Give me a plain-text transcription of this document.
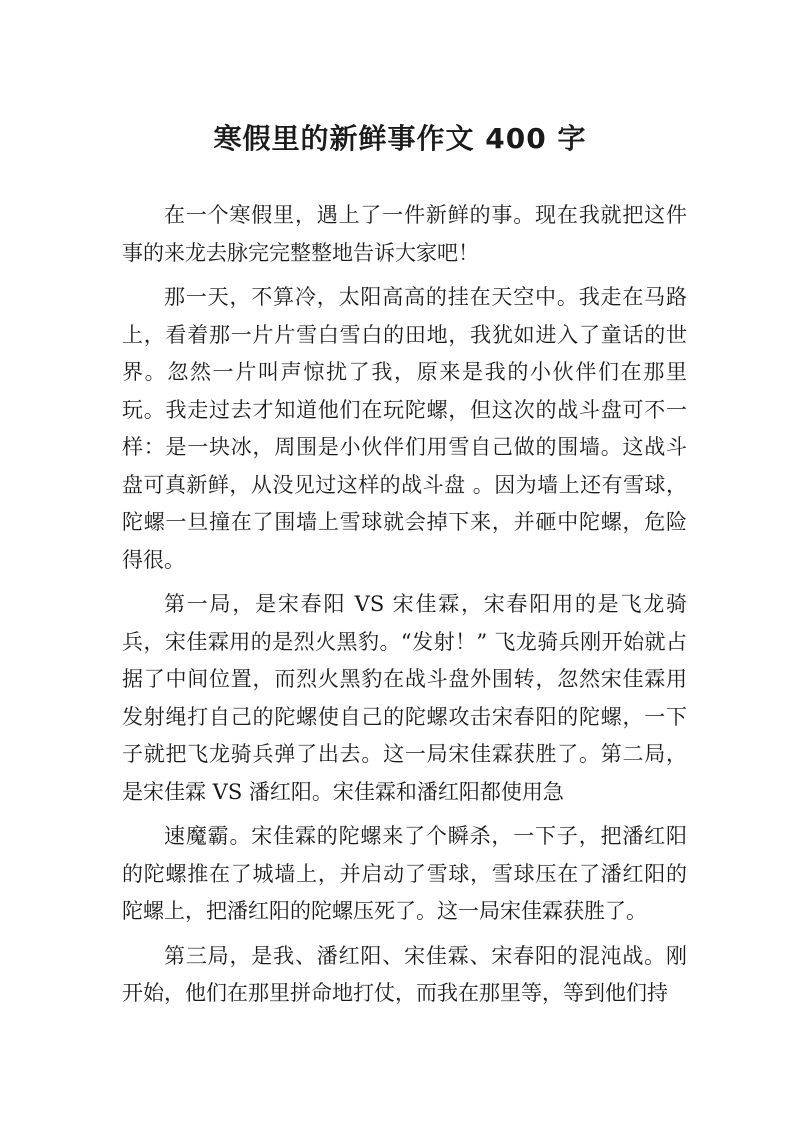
寒假里的新鲜事作文 400 字

在一个寒假里，遇上了一件新鲜的事。现在我就把这件事的来龙去脉完完整整地告诉大家吧！

那一天，不算冷，太阳高高的挂在天空中。我走在马路上，看着那一片片雪白雪白的田地，我犹如进入了童话的世界。忽然一片叫声惊扰了我，原来是我的小伙伴们在那里玩。我走过去才知道他们在玩陀螺，但这次的战斗盘可不一样：是一块冰，周围是小伙伴们用雪自己做的围墙。这战斗盘可真新鲜，从没见过这样的战斗盘 。因为墙上还有雪球，陀螺一旦撞在了围墙上雪球就会掉下来，并砸中陀螺，危险得很。

第一局，是宋春阳 VS 宋佳霖，宋春阳用的是飞龙骑兵，宋佳霖用的是烈火黑豹。“发射！” 飞龙骑兵刚开始就占据了中间位置，而烈火黑豹在战斗盘外围转，忽然宋佳霖用发射绳打自己的陀螺使自己的陀螺攻击宋春阳的陀螺，一下子就把飞龙骑兵弹了出去。这一局宋佳霖获胜了。第二局，是宋佳霖 VS 潘红阳。宋佳霖和潘红阳都使用急

速魔霸。宋佳霖的陀螺来了个瞬杀，一下子，把潘红阳的陀螺推在了城墙上，并启动了雪球，雪球压在了潘红阳的陀螺上，把潘红阳的陀螺压死了。这一局宋佳霖获胜了。

第三局，是我、潘红阳、宋佳霖、宋春阳的混沌战。刚开始，他们在那里拼命地打仗，而我在那里等，等到他们持
